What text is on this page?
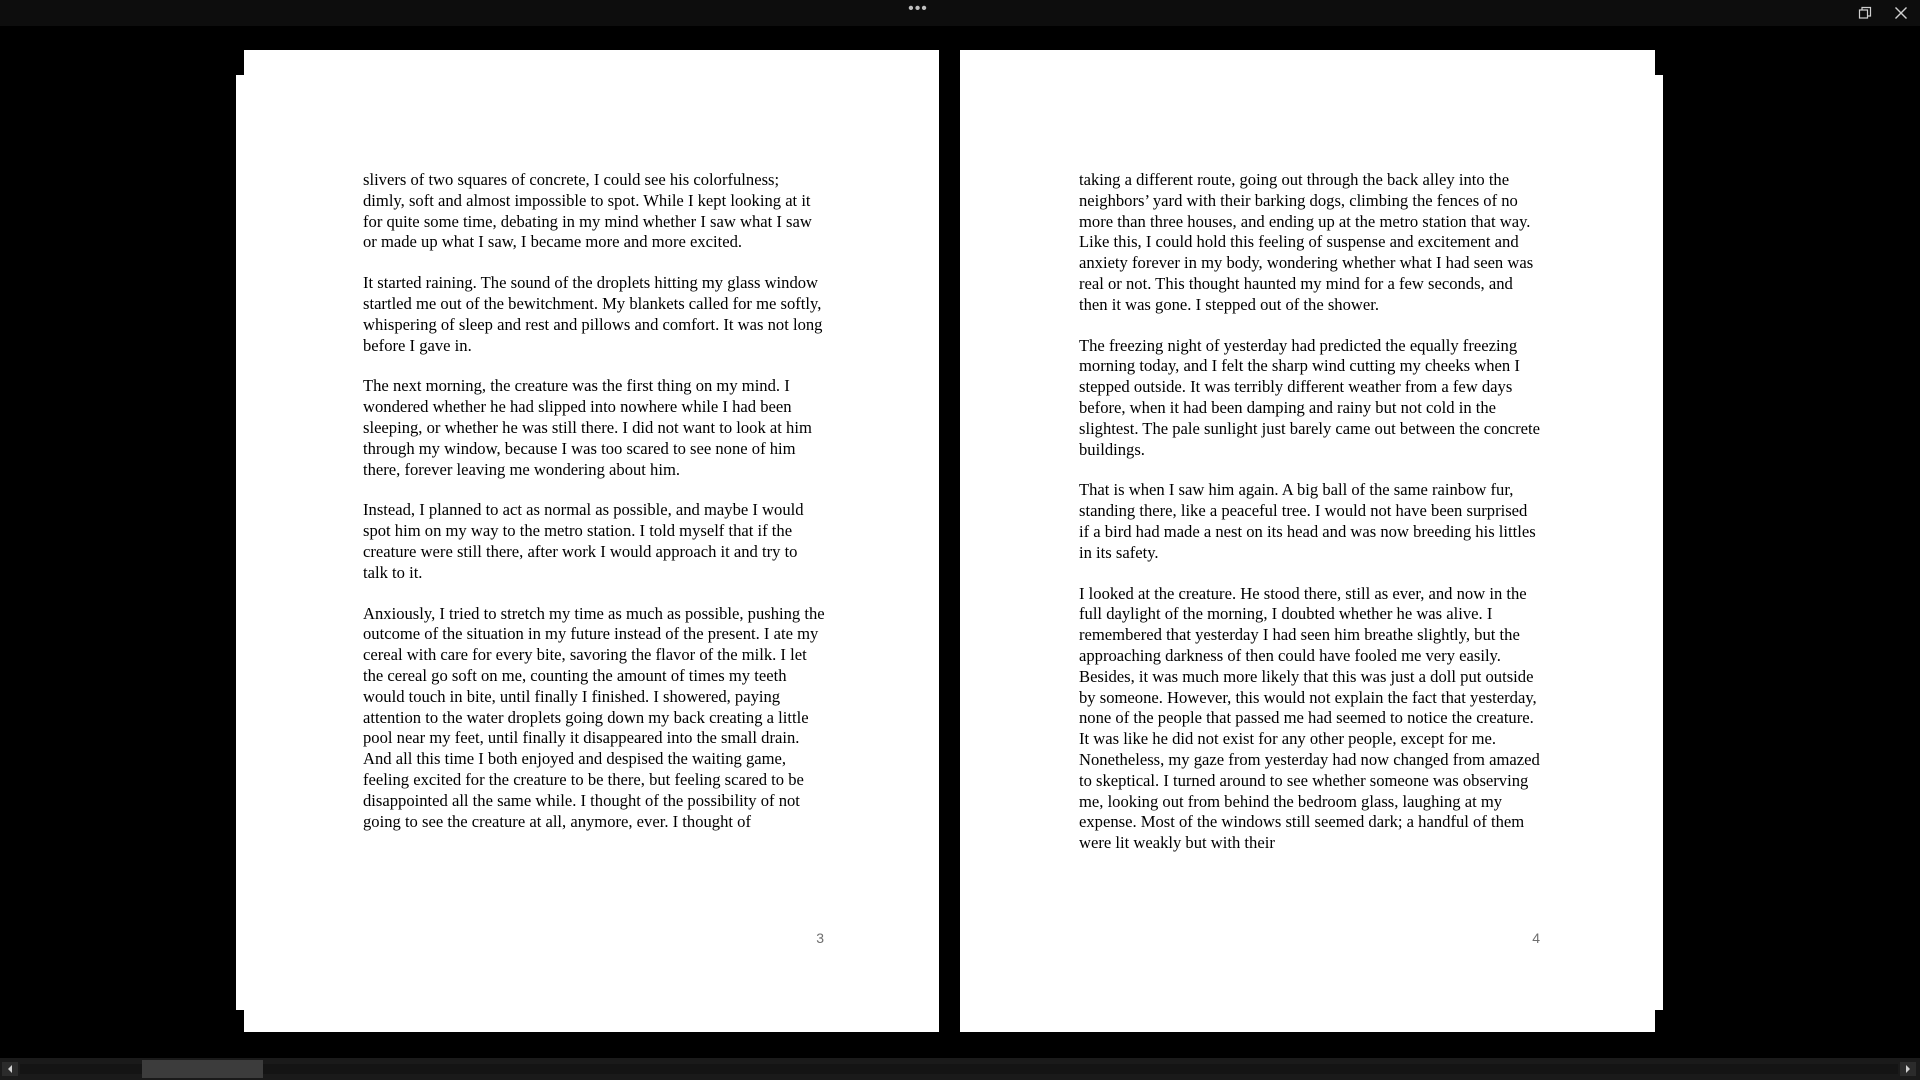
•••

slivers of two squares of concrete, I could see his colorfulness; dimly, soft and almost impossible to spot. While I kept looking at it for quite some time, debating in my mind whether I saw what I saw or made up what I saw, I became more and more excited.

It started raining. The sound of the droplets hitting my glass window startled me out of the bewitchment. My blankets called for me softly, whispering of sleep and rest and pillows and comfort. It was not long before I gave in.

The next morning, the creature was the first thing on my mind. I wondered whether he had slipped into nowhere while I had been sleeping, or whether he was still there. I did not want to look at him through my window, because I was too scared to see none of him there, forever leaving me wondering about him.

Instead, I planned to act as normal as possible, and maybe I would spot him on my way to the metro station. I told myself that if the creature were still there, after work I would approach it and try to talk to it.

Anxiously, I tried to stretch my time as much as possible, pushing the outcome of the situation in my future instead of the present. I ate my cereal with care for every bite, savoring the flavor of the milk. I let the cereal go soft on me, counting the amount of times my teeth would touch in bite, until finally I finished. I showered, paying attention to the water droplets going down my back creating a little pool near my feet, until finally it disappeared into the small drain. And all this time I both enjoyed and despised the waiting game, feeling excited for the creature to be there, but feeling scared to be disappointed all the same while. I thought of the possibility of not going to see the creature at all, anymore, ever. I thought of

3

taking a different route, going out through the back alley into the neighbors’ yard with their barking dogs, climbing the fences of no more than three houses, and ending up at the metro station that way. Like this, I could hold this feeling of suspense and excitement and anxiety forever in my body, wondering whether what I had seen was real or not. This thought haunted my mind for a few seconds, and then it was gone. I stepped out of the shower.

The freezing night of yesterday had predicted the equally freezing morning today, and I felt the sharp wind cutting my cheeks when I stepped outside. It was terribly different weather from a few days before, when it had been damping and rainy but not cold in the slightest. The pale sunlight just barely came out between the concrete buildings.

That is when I saw him again. A big ball of the same rainbow fur, standing there, like a peaceful tree. I would not have been surprised if a bird had made a nest on its head and was now breeding his littles in its safety.

I looked at the creature. He stood there, still as ever, and now in the full daylight of the morning, I doubted whether he was alive. I remembered that yesterday I had seen him breathe slightly, but the approaching darkness of then could have fooled me very easily. Besides, it was much more likely that this was just a doll put outside by someone. However, this would not explain the fact that yesterday, none of the people that passed me had seemed to notice the creature. It was like he did not exist for any other people, except for me. Nonetheless, my gaze from yesterday had now changed from amazed to skeptical. I turned around to see whether someone was observing me, looking out from behind the bedroom glass, laughing at my expense. Most of the windows still seemed dark; a handful of them were lit weakly but with their

4
